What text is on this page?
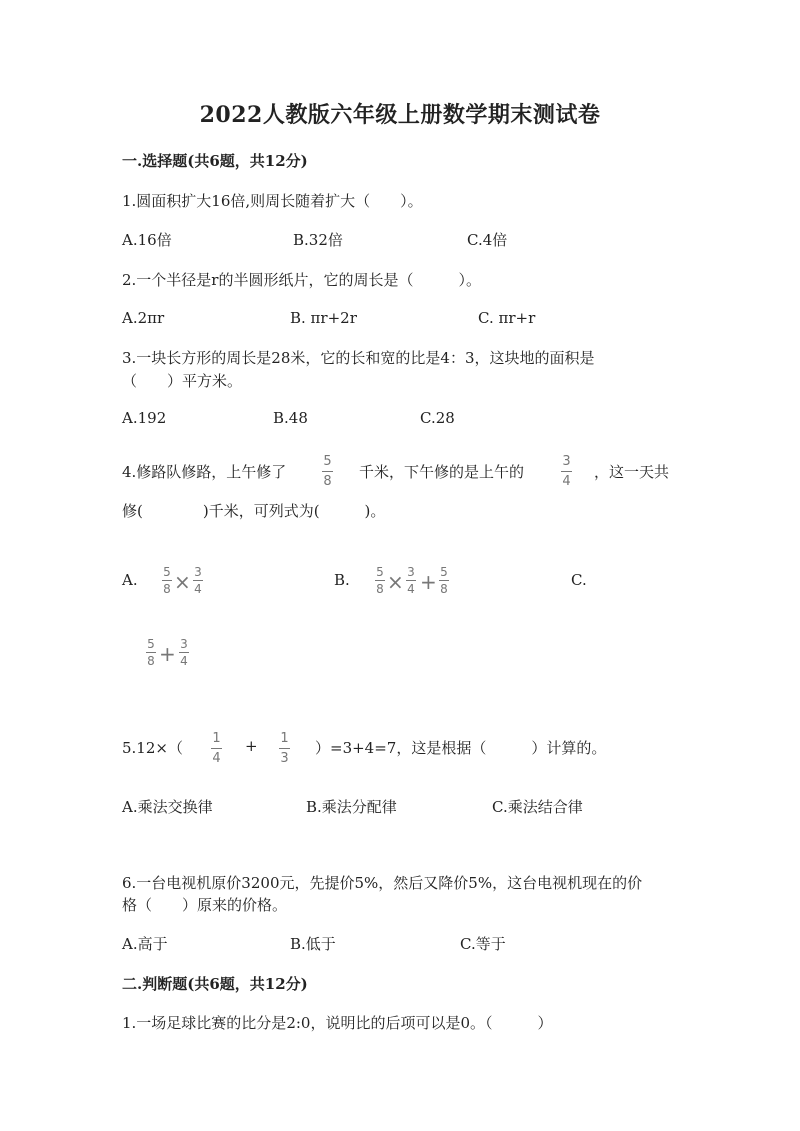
2022人教版六年级上册数学期末测试卷
一.选择题(共6题，共12分)
1.圆面积扩大16倍,则周长随着扩大（　　）。
A.16倍	B.32倍	C.4倍
2.一个半径是r的半圆形纸片，它的周长是（　　　）。
A.2πr	B. πr+2r	C. πr+r
3.一块长方形的周长是28米，它的长和宽的比是4：3，这块地的面积是
（　　）平方米。
A.192	B.48	C.28
4.修路队修路，上午修了
5
8
千米，下午修的是上午的
3
4
，这一天共
修(　　　　)千米，可列式为(　　　)。
A. 5
8 × 3
4	B. 5
8 × 3
4 + 5
8	C.
5
8 + 3
4
5.12×（
1
4
+ 1
3
）=3+4=7，这是根据（　　　）计算的。
A.乘法交换律	B.乘法分配律	C.乘法结合律
6.一台电视机原价3200元，先提价5%，然后又降价5%，这台电视机现在的价
格（　　）原来的价格。
A.高于	B.低于	C.等于
二.判断题(共6题，共12分)
1.一场足球比赛的比分是2:0，说明比的后项可以是0。（　　　）
